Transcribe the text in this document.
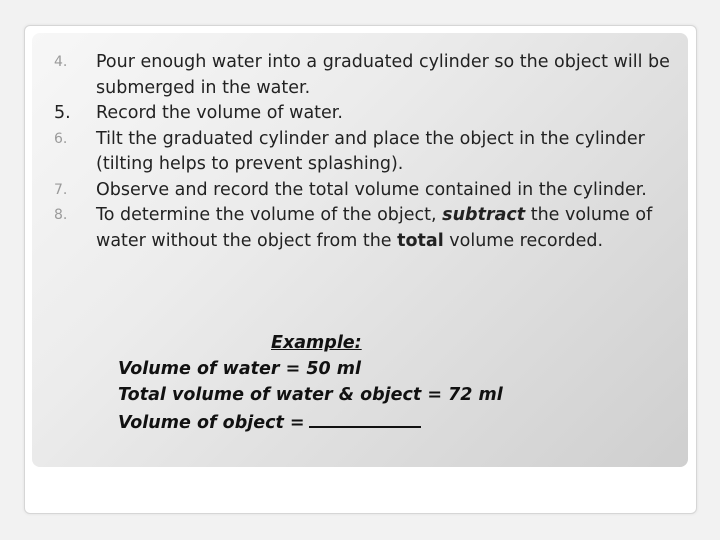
4.	Pour enough water into a graduated cylinder so the object will be submerged in the water.
5.	Record the volume of water.
6.	Tilt the graduated cylinder and place the object in the cylinder (tilting helps to prevent splashing).
7.	Observe and record the total volume contained in the cylinder.
8.	To determine the volume of the object, subtract the volume of water without the object from the total volume recorded.
Example:
Volume of water = 50 ml
Total volume of water & object = 72 ml
Volume of object =
